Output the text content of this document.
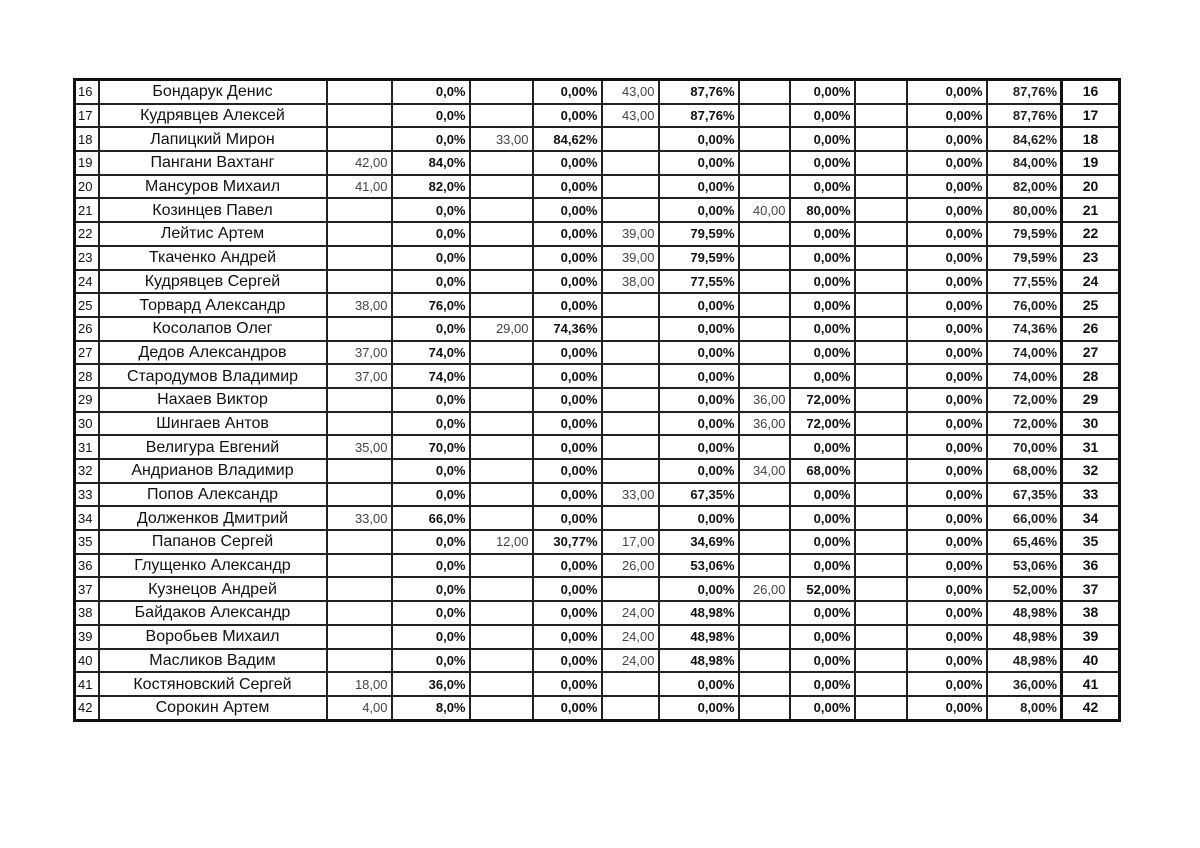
16	Бондарук Денис		0,0%		0,00%	43,00	87,76%		0,00%		0,00%	87,76%	16
17	Кудрявцев Алексей		0,0%		0,00%	43,00	87,76%		0,00%		0,00%	87,76%	17
18	Лапицкий Мирон		0,0%	33,00	84,62%		0,00%		0,00%		0,00%	84,62%	18
19	Пангани Вахтанг	42,00	84,0%		0,00%		0,00%		0,00%		0,00%	84,00%	19
20	Мансуров Михаил	41,00	82,0%		0,00%		0,00%		0,00%		0,00%	82,00%	20
21	Козинцев Павел		0,0%		0,00%		0,00%	40,00	80,00%		0,00%	80,00%	21
22	Лейтис Артем		0,0%		0,00%	39,00	79,59%		0,00%		0,00%	79,59%	22
23	Ткаченко Андрей		0,0%		0,00%	39,00	79,59%		0,00%		0,00%	79,59%	23
24	Кудрявцев Сергей		0,0%		0,00%	38,00	77,55%		0,00%		0,00%	77,55%	24
25	Торвард Александр	38,00	76,0%		0,00%		0,00%		0,00%		0,00%	76,00%	25
26	Косолапов Олег		0,0%	29,00	74,36%		0,00%		0,00%		0,00%	74,36%	26
27	Дедов Александров	37,00	74,0%		0,00%		0,00%		0,00%		0,00%	74,00%	27
28	Стародумов Владимир	37,00	74,0%		0,00%		0,00%		0,00%		0,00%	74,00%	28
29	Нахаев Виктор		0,0%		0,00%		0,00%	36,00	72,00%		0,00%	72,00%	29
30	Шингаев Антов		0,0%		0,00%		0,00%	36,00	72,00%		0,00%	72,00%	30
31	Велигура Евгений	35,00	70,0%		0,00%		0,00%		0,00%		0,00%	70,00%	31
32	Андрианов Владимир		0,0%		0,00%		0,00%	34,00	68,00%		0,00%	68,00%	32
33	Попов Александр		0,0%		0,00%	33,00	67,35%		0,00%		0,00%	67,35%	33
34	Долженков Дмитрий	33,00	66,0%		0,00%		0,00%		0,00%		0,00%	66,00%	34
35	Папанов Сергей		0,0%	12,00	30,77%	17,00	34,69%		0,00%		0,00%	65,46%	35
36	Глущенко Александр		0,0%		0,00%	26,00	53,06%		0,00%		0,00%	53,06%	36
37	Кузнецов Андрей		0,0%		0,00%		0,00%	26,00	52,00%		0,00%	52,00%	37
38	Байдаков Александр		0,0%		0,00%	24,00	48,98%		0,00%		0,00%	48,98%	38
39	Воробьев Михаил		0,0%		0,00%	24,00	48,98%		0,00%		0,00%	48,98%	39
40	Масликов Вадим		0,0%		0,00%	24,00	48,98%		0,00%		0,00%	48,98%	40
41	Костяновский Сергей	18,00	36,0%		0,00%		0,00%		0,00%		0,00%	36,00%	41
42	Сорокин Артем	4,00	8,0%		0,00%		0,00%		0,00%		0,00%	8,00%	42
